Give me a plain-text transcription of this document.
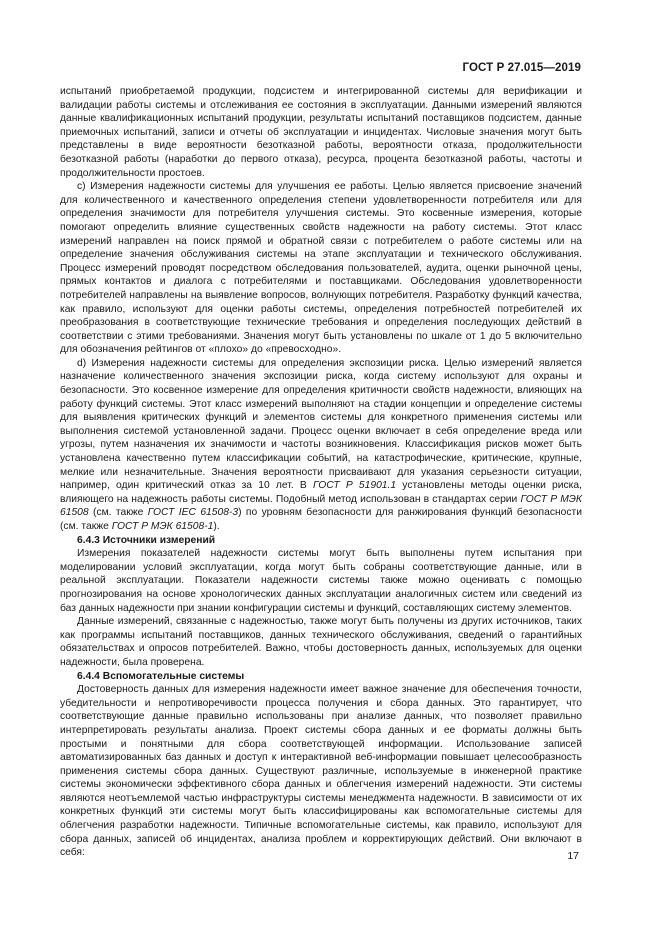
ГОСТ Р 27.015—2019

испытаний приобретаемой продукции, подсистем и интегрированной системы для верификации и валидации работы системы и отслеживания ее состояния в эксплуатации. Данными измерений являются данные квалификационных испытаний продукции, результаты испытаний поставщиков подсистем, данные приемочных испытаний, записи и отчеты об эксплуатации и инцидентах. Числовые значения могут быть представлены в виде вероятности безотказной работы, вероятности отказа, продолжительности безотказной работы (наработки до первого отказа), ресурса, процента безотказной работы, частоты и продолжительности простоев.

c) Измерения надежности системы для улучшения ее работы. Целью является присвоение значений для количественного и качественного определения степени удовлетворенности потребителя или для определения значимости для потребителя улучшения системы. Это косвенные измерения, которые помогают определить влияние существенных свойств надежности на работу системы. Этот класс измерений направлен на поиск прямой и обратной связи с потребителем о работе системы или на определение значения обслуживания системы на этапе эксплуатации и технического обслуживания. Процесс измерений проводят посредством обследования пользователей, аудита, оценки рыночной цены, прямых контактов и диалога с потребителями и поставщиками. Обследования удовлетворенности потребителей направлены на выявление вопросов, волнующих потребителя. Разработку функций качества, как правило, используют для оценки работы системы, определения потребностей потребителей их преобразования в соответствующие технические требования и определения последующих действий в соответствии с этими требованиями. Значения могут быть установлены по шкале от 1 до 5 включительно для обозначения рейтингов от «плохо» до «превосходно».

d) Измерения надежности системы для определения экспозиции риска. Целью измерений является назначение количественного значения экспозиции риска, когда систему используют для охраны и безопасности. Это косвенное измерение для определения критичности свойств надежности, влияющих на работу функций системы. Этот класс измерений выполняют на стадии концепции и определение системы для выявления критических функций и элементов системы для конкретного применения системы или выполнения системой установленной задачи. Процесс оценки включает в себя определение вреда или угрозы, путем назначения их значимости и частоты возникновения. Классификация рисков может быть установлена качественно путем классификации событий, на катастрофические, критические, крупные, мелкие или незначительные. Значения вероятности присваивают для указания серьезности ситуации, например, один критический отказ за 10 лет. В ГОСТ Р 51901.1 установлены методы оценки риска, влияющего на надежность работы системы. Подобный метод использован в стандартах серии ГОСТ Р МЭК 61508 (см. также ГОСТ IEC 61508-3) по уровням безопасности для ранжирования функций безопасности (см. также ГОСТ Р МЭК 61508-1).

6.4.3 Источники измерений

Измерения показателей надежности системы могут быть выполнены путем испытания при моделировании условий эксплуатации, когда могут быть собраны соответствующие данные, или в реальной эксплуатации. Показатели надежности системы также можно оценивать с помощью прогнозирования на основе хронологических данных эксплуатации аналогичных систем или сведений из баз данных надежности при знании конфигурации системы и функций, составляющих систему элементов.

Данные измерений, связанные с надежностью, также могут быть получены из других источников, таких как программы испытаний поставщиков, данных технического обслуживания, сведений о гарантийных обязательствах и опросов потребителей. Важно, чтобы достоверность данных, используемых для оценки надежности, была проверена.

6.4.4 Вспомогательные системы

Достоверность данных для измерения надежности имеет важное значение для обеспечения точности, убедительности и непротиворечивости процесса получения и сбора данных. Это гарантирует, что соответствующие данные правильно использованы при анализе данных, что позволяет правильно интерпретировать результаты анализа. Проект системы сбора данных и ее форматы должны быть простыми и понятными для сбора соответствующей информации. Использование записей автоматизированных баз данных и доступ к интерактивной веб-информации повышает целесообразность применения системы сбора данных. Существуют различные, используемые в инженерной практике системы экономически эффективного сбора данных и облегчения измерений надежности. Эти системы являются неотъемлемой частью инфраструктуры системы менеджмента надежности. В зависимости от их конкретных функций эти системы могут быть классифицированы как вспомогательные системы для облегчения разработки надежности. Типичные вспомогательные системы, как правило, используют для сбора данных, записей об инцидентах, анализа проблем и корректирующих действий. Они включают в себя:	17
